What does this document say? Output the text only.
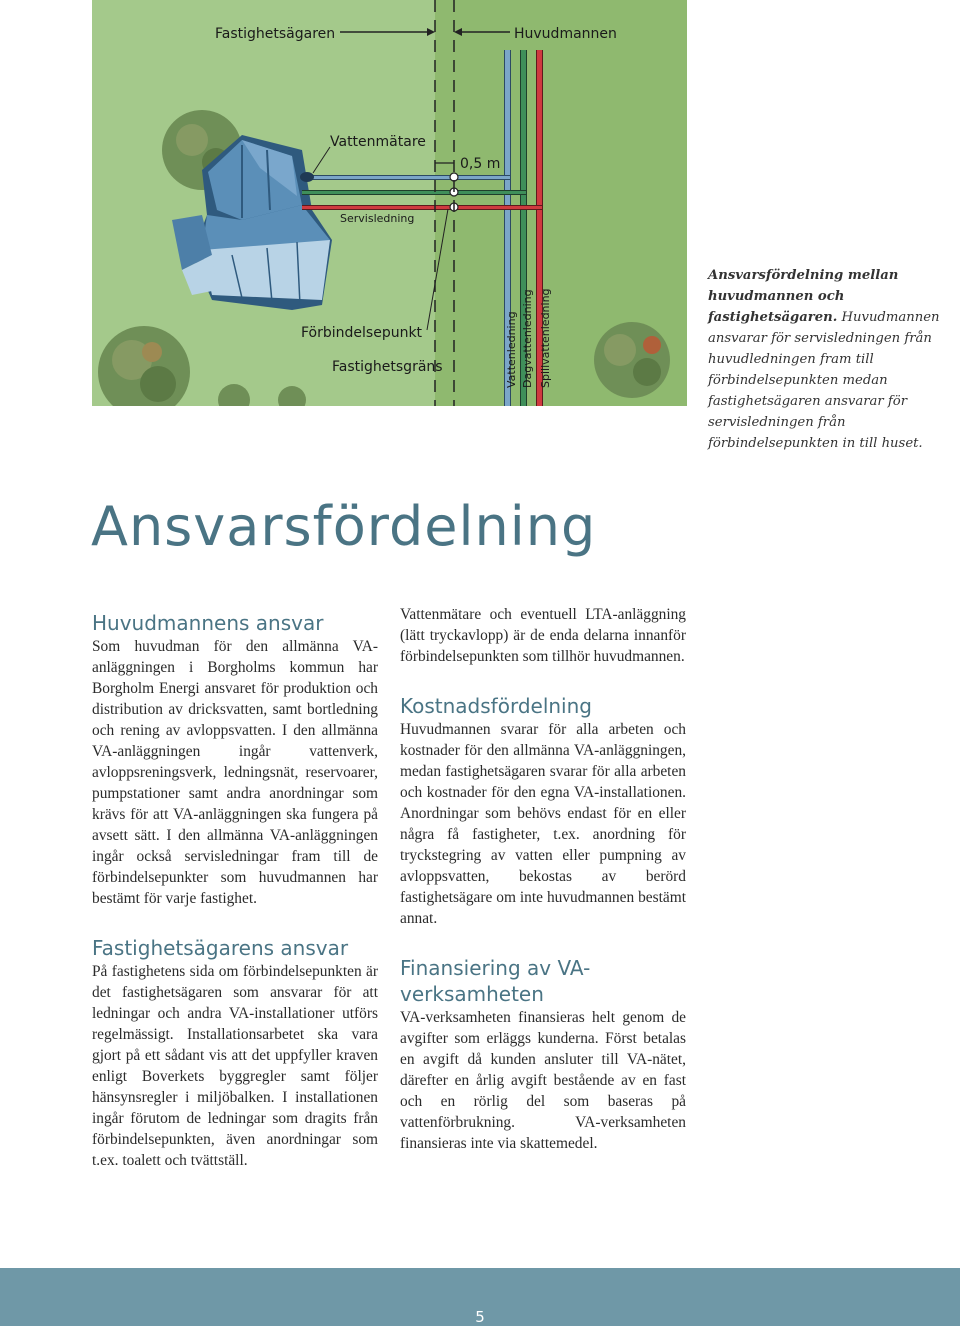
Fastighetsägaren	Huvudmannen
Vattenmätare
0,5 m
Servisledning
Förbindelsepunkt
Fastighetsgräns	Vattenledning Dagvattenledning Spillvattenledning
Ansvarsfördelning mellan huvudmannen och fastighetsägaren. Huvudmannen ansvarar för servisledningen från huvudledningen fram till förbindelsepunkten medan fastighetsägaren ansvarar för servisledningen från förbindelsepunkten in till huset.
Ansvarsfördelning
Huvudmannens ansvar

Som huvudman för den allmänna VA-anläggningen i Borgholms kommun har Borgholm Energi ansvaret för produktion och distribution av dricksvatten, samt bortledning och rening av avloppsvatten. I den allmänna VA-anläggningen ingår vattenverk, avloppsreningsverk, ledningsnät, reservoarer, pumpstationer samt andra anordningar som krävs för att VA-anläggningen ska fungera på avsett sätt. I den allmänna VA-anläggningen ingår också servisledningar fram till de förbindelsepunkter som huvudmannen har bestämt för varje fastighet.

Fastighetsägarens ansvar

På fastighetens sida om förbindelsepunkten är det fastighetsägaren som ansvarar för att ledningar och andra VA-installationer utförs regelmässigt. Installationsarbetet ska vara gjort på ett sådant vis att det uppfyller kraven enligt Boverkets byggregler samt följer hänsynsregler i miljöbalken. I installationen ingår förutom de ledningar som dragits från förbindelsepunkten, även anordningar som t.ex. toalett och tvättställ.

Vattenmätare och eventuell LTA-anläggning (lätt tryckavlopp) är de enda delarna innanför förbindelsepunkten som tillhör huvudmannen.

Kostnadsfördelning

Huvudmannen svarar för alla arbeten och kostnader för den allmänna VA-anläggningen, medan fastighetsägaren svarar för alla arbeten och kostnader för den egna VA-installationen. Anordningar som behövs endast för en eller några få fastigheter, t.ex. anordning för tryckstegring av vatten eller pumpning av avloppsvatten, bekostas av berörd fastighetsägare om inte huvudmannen bestämt annat.

Finansiering av VA-verksamheten

VA-verksamheten finansieras helt genom de avgifter som erläggs kunderna. Först betalas en avgift då kunden ansluter till VA-nätet, därefter en årlig avgift bestående av en fast och en rörlig del som baseras på vattenförbrukning. VA-verksamheten finansieras inte via skattemedel.

5
